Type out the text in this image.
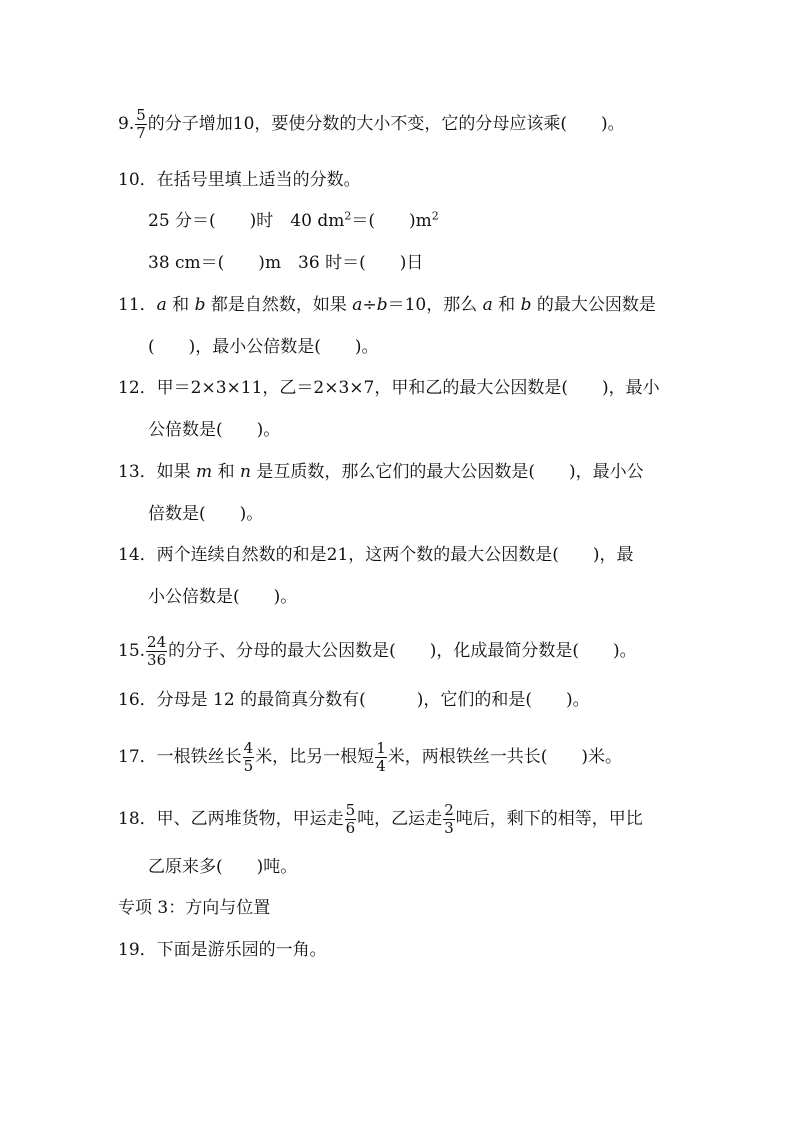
9. $\frac{5}{7}$ 的分子增加10，要使分数的大小不变，它的分母应该乘(　　)。
10．在括号里填上适当的分数。
25 分＝(　　)时　40 $dm^2=$(　　)$m^2$
38 cm＝(　　)m　36 时＝(　　)日
11．a 和 b 都是自然数，如果 a÷b＝10，那么 a 和 b 的最大公因数是
(　　)，最小公倍数是(　　)。
12．甲＝2×3×11，乙＝2×3×7，甲和乙的最大公因数是(　　)，最小
公倍数是(　　)。
13．如果 m 和 n 是互质数，那么它们的最大公因数是(　　)，最小公
倍数是(　　)。
14．两个连续自然数的和是21，这两个数的最大公因数是(　　)，最
小公倍数是(　　)。
15. $\frac{24}{36}$ 的分子、分母的最大公因数是(　　)，化成最简分数是(　　)。
16．分母是 12 的最简真分数有(　　　)，它们的和是(　　)。
17．一根铁丝长 $\frac{4}{5}$ 米，比另一根短 $\frac{1}{4}$ 米，两根铁丝一共长(　　)米。
18．甲、乙两堆货物，甲运走 $\frac{5}{6}$ 吨，乙运走 $\frac{2}{3}$ 吨后，剩下的相等，甲比
乙原来多(　　)吨。
专项 3：方向与位置
19．下面是游乐园的一角。
